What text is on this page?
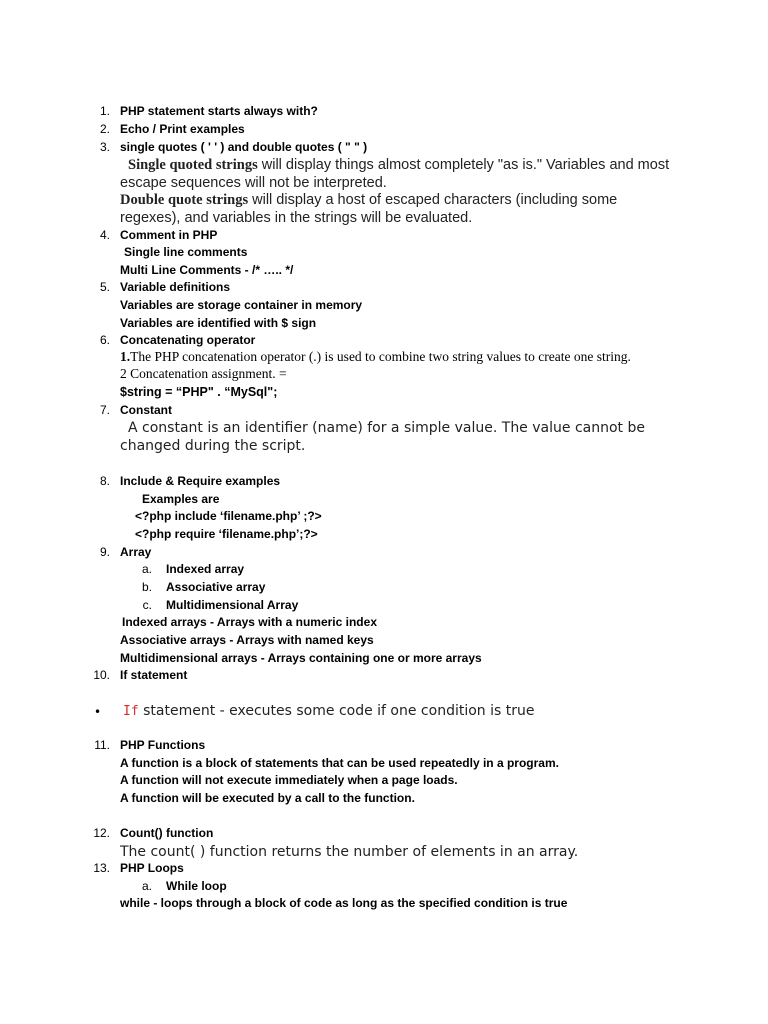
1. PHP statement starts always with?
2. Echo / Print examples
3. single quotes ( ' ' ) and double quotes ( " " )
Single quoted strings will display things almost completely "as is." Variables and most
escape sequences will not be interpreted.
Double quote strings will display a host of escaped characters (including some
regexes), and variables in the strings will be evaluated.
4. Comment in PHP
Single line comments
Multi Line Comments - /* ….. */
5. Variable definitions
Variables are storage container in memory
Variables are identified with $ sign
6. Concatenating operator
1.The PHP concatenation operator (.) is used to combine two string values to create one string.
2 Concatenation assignment. =
$string = “PHP" . “MySql";
7. Constant
A constant is an identifier (name) for a simple value. The value cannot be
changed during the script.
8. Include & Require examples
Examples are
<?php include ‘filename.php’ ;?>
<?php require ‘filename.php’;?>
9. Array
a. Indexed array
b. Associative array
c. Multidimensional Array
Indexed arrays - Arrays with a numeric index
Associative arrays - Arrays with named keys
Multidimensional arrays - Arrays containing one or more arrays
10. If statement
• If statement - executes some code if one condition is true
11. PHP Functions
A function is a block of statements that can be used repeatedly in a program.
A function will not execute immediately when a page loads.
A function will be executed by a call to the function.
12. Count() function
The count( ) function returns the number of elements in an array.
13. PHP Loops
a. While loop
while - loops through a block of code as long as the specified condition is true
